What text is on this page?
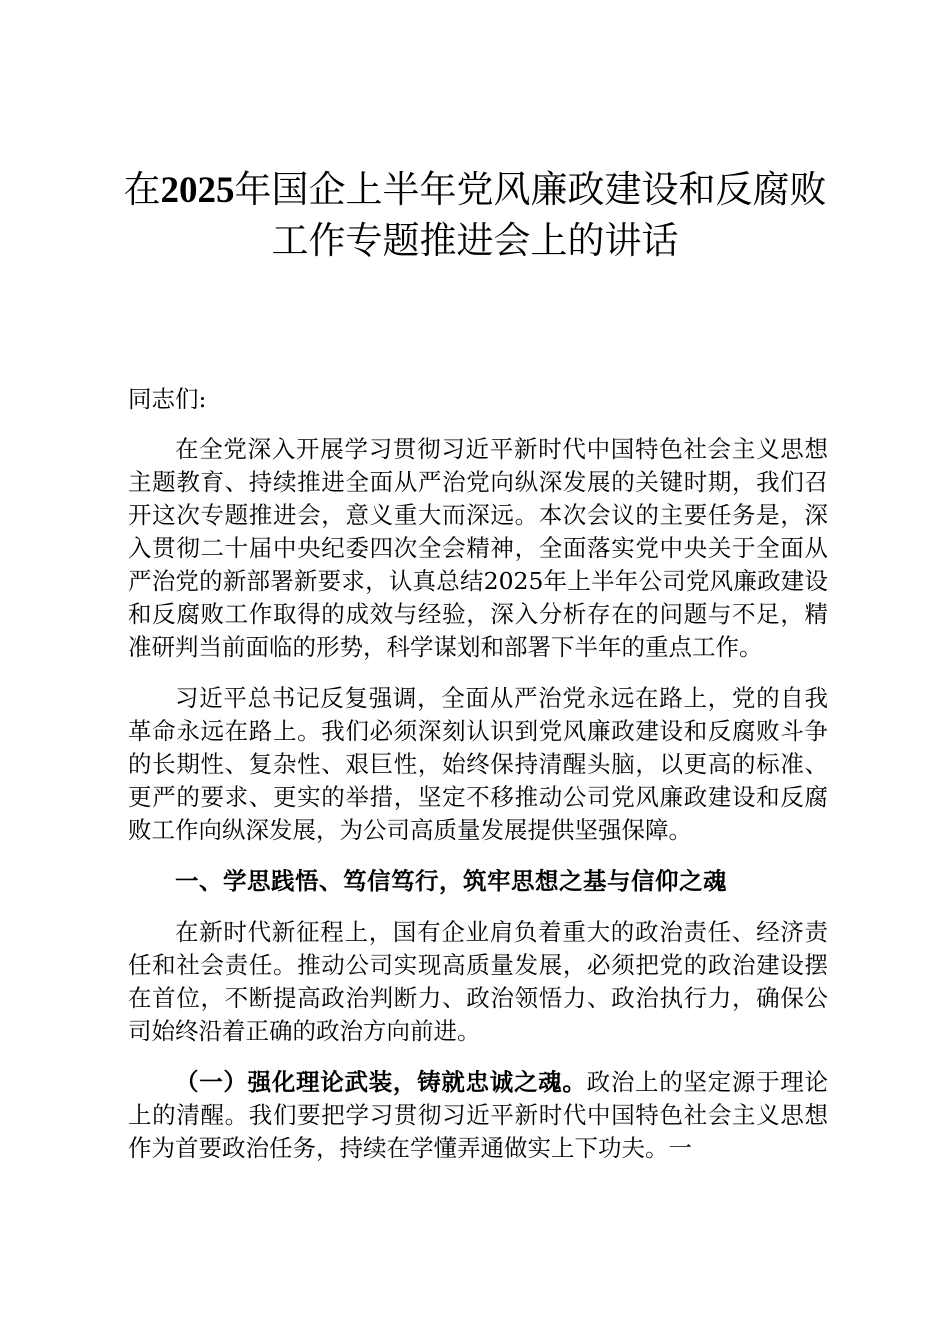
在2025年国企上半年党风廉政建设和反腐败
工作专题推进会上的讲话

同志们:

在全党深入开展学习贯彻习近平新时代中国特色社会主义思想主题教育、持续推进全面从严治党向纵深发展的关键时期，我们召开这次专题推进会，意义重大而深远。本次会议的主要任务是，深入贯彻二十届中央纪委四次全会精神，全面落实党中央关于全面从严治党的新部署新要求，认真总结2025年上半年公司党风廉政建设和反腐败工作取得的成效与经验，深入分析存在的问题与不足，精准研判当前面临的形势，科学谋划和部署下半年的重点工作。

习近平总书记反复强调，全面从严治党永远在路上，党的自我革命永远在路上。我们必须深刻认识到党风廉政建设和反腐败斗争的长期性、复杂性、艰巨性，始终保持清醒头脑，以更高的标准、更严的要求、更实的举措，坚定不移推动公司党风廉政建设和反腐败工作向纵深发展，为公司高质量发展提供坚强保障。

一、学思践悟、笃信笃行，筑牢思想之基与信仰之魂

在新时代新征程上，国有企业肩负着重大的政治责任、经济责任和社会责任。推动公司实现高质量发展，必须把党的政治建设摆在首位，不断提高政治判断力、政治领悟力、政治执行力，确保公司始终沿着正确的政治方向前进。

（一）强化理论武装，铸就忠诚之魂。政治上的坚定源于理论上的清醒。我们要把学习贯彻习近平新时代中国特色社会主义思想作为首要政治任务，持续在学懂弄通做实上下功夫。一
